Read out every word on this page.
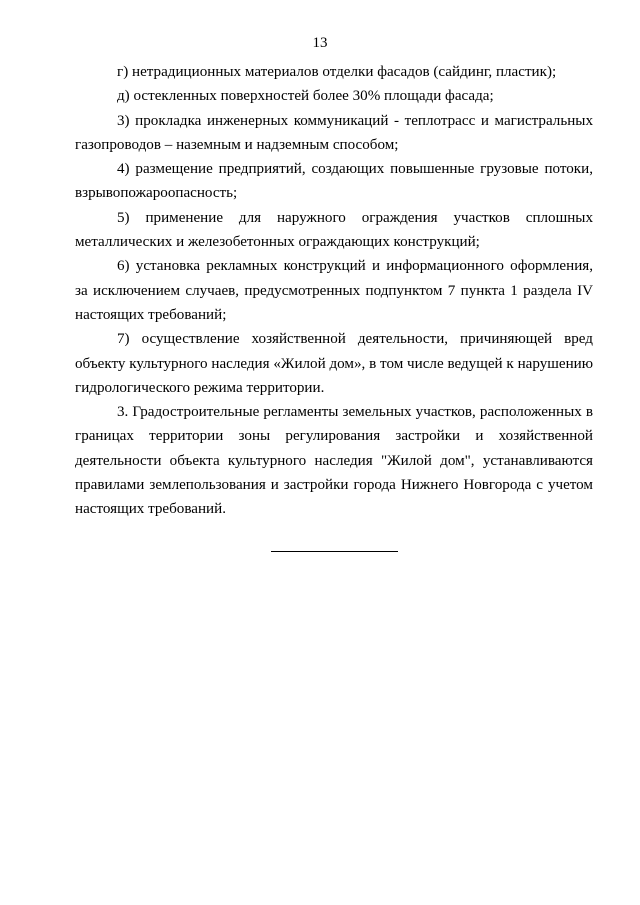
13

г) нетрадиционных материалов отделки фасадов (сайдинг, пластик);

д) остекленных поверхностей более 30% площади фасада;

3) прокладка инженерных коммуникаций - теплотрасс и магистральных газопроводов – наземным и надземным способом;

4) размещение предприятий, создающих повышенные грузовые потоки, взрывопожароопасность;

5) применение для наружного ограждения участков сплошных металлических и железобетонных ограждающих конструкций;

6) установка рекламных конструкций и информационного оформления, за исключением случаев, предусмотренных подпунктом 7 пункта 1 раздела IV настоящих требований;

7) осуществление хозяйственной деятельности, причиняющей вред объекту культурного наследия «Жилой дом», в том числе ведущей к нарушению гидрологического режима территории.

3. Градостроительные регламенты земельных участков, расположенных в границах территории зоны регулирования застройки и хозяйственной деятельности объекта культурного наследия "Жилой дом", устанавливаются правилами землепользования и застройки города Нижнего Новгорода с учетом настоящих требований.
